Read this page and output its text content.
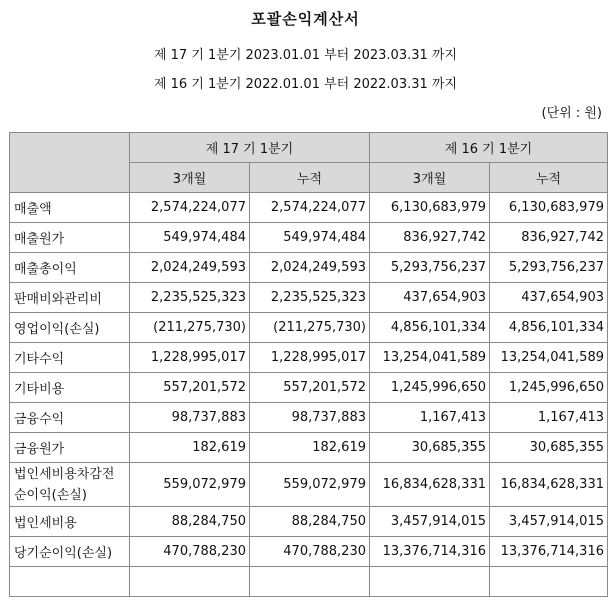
포괄손익계산서
제 17 기 1분기 2023.01.01 부터 2023.03.31 까지
제 16 기 1분기 2022.01.01 부터 2022.03.31 까지
(단위 : 원)
	제 17 기 1분기		제 16 기 1분기	
	3개월	누적	3개월	누적
매출액	2,574,224,077	2,574,224,077	6,130,683,979	6,130,683,979
매출원가	549,974,484	549,974,484	836,927,742	836,927,742
매출총이익	2,024,249,593	2,024,249,593	5,293,756,237	5,293,756,237
판매비와관리비	2,235,525,323	2,235,525,323	437,654,903	437,654,903
영업이익(손실)	(211,275,730)	(211,275,730)	4,856,101,334	4,856,101,334
기타수익	1,228,995,017	1,228,995,017	13,254,041,589	13,254,041,589
기타비용	557,201,572	557,201,572	1,245,996,650	1,245,996,650
금융수익	98,737,883	98,737,883	1,167,413	1,167,413
금융원가	182,619	182,619	30,685,355	30,685,355
법인세비용차감전순이익(손실)	559,072,979	559,072,979	16,834,628,331	16,834,628,331
법인세비용	88,284,750	88,284,750	3,457,914,015	3,457,914,015
당기순이익(손실)	470,788,230	470,788,230	13,376,714,316	13,376,714,316
